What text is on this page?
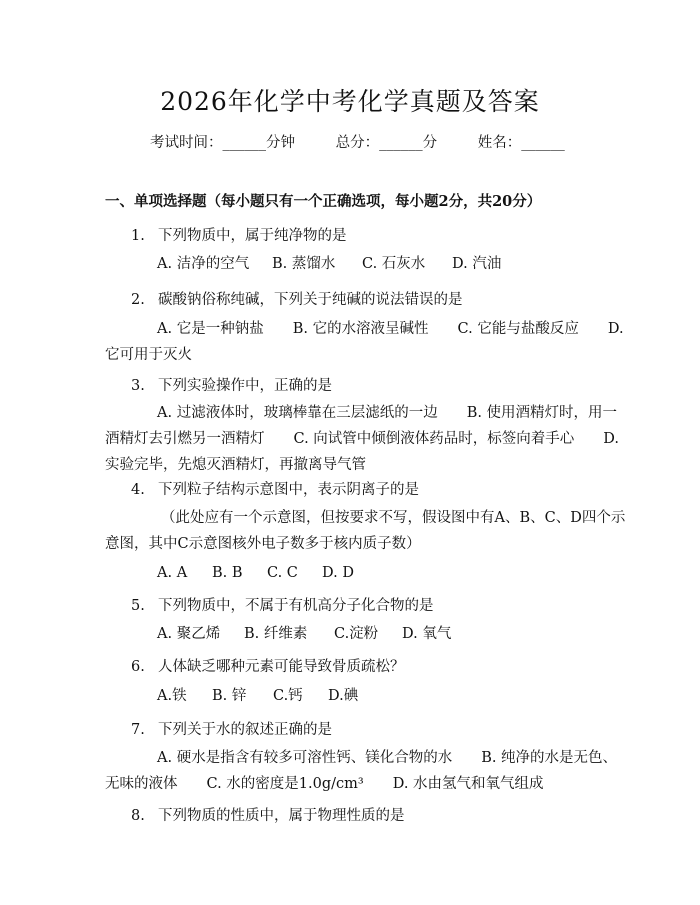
2026年化学中考化学真题及答案
考试时间：______分钟	总分：______分	姓名：______
一、单项选择题（每小题只有一个正确选项，每小题2分，共20分）
1. 下列物质中，属于纯净物的是
A. 洁净的空气 B. 蒸馏水 C. 石灰水 D. 汽油
2. 碳酸钠俗称纯碱，下列关于纯碱的说法错误的是
A. 它是一种钠盐　　B. 它的水溶液呈碱性　　C. 它能与盐酸反应　　D.
它可用于灭火
3. 下列实验操作中，正确的是
A. 过滤液体时，玻璃棒靠在三层滤纸的一边　　B. 使用酒精灯时，用一
酒精灯去引燃另一酒精灯　　C. 向试管中倾倒液体药品时，标签向着手心　　D.
实验完毕，先熄灭酒精灯，再撤离导气管
4. 下列粒子结构示意图中，表示阴离子的是
（此处应有一个示意图，但按要求不写，假设图中有A、B、C、D四个示
意图，其中C示意图核外电子数多于核内质子数）
A. A B. B C. C D. D
5. 下列物质中，不属于有机高分子化合物的是
A. 聚乙烯 B. 纤维素 C.淀粉 D. 氧气
6. 人体缺乏哪种元素可能导致骨质疏松？
A.铁 B. 锌 C.钙 D.碘
7. 下列关于水的叙述正确的是
A. 硬水是指含有较多可溶性钙、镁化合物的水　　B. 纯净的水是无色、
无味的液体　　C. 水的密度是1.0g/cm³　　D. 水由氢气和氧气组成
8. 下列物质的性质中，属于物理性质的是
